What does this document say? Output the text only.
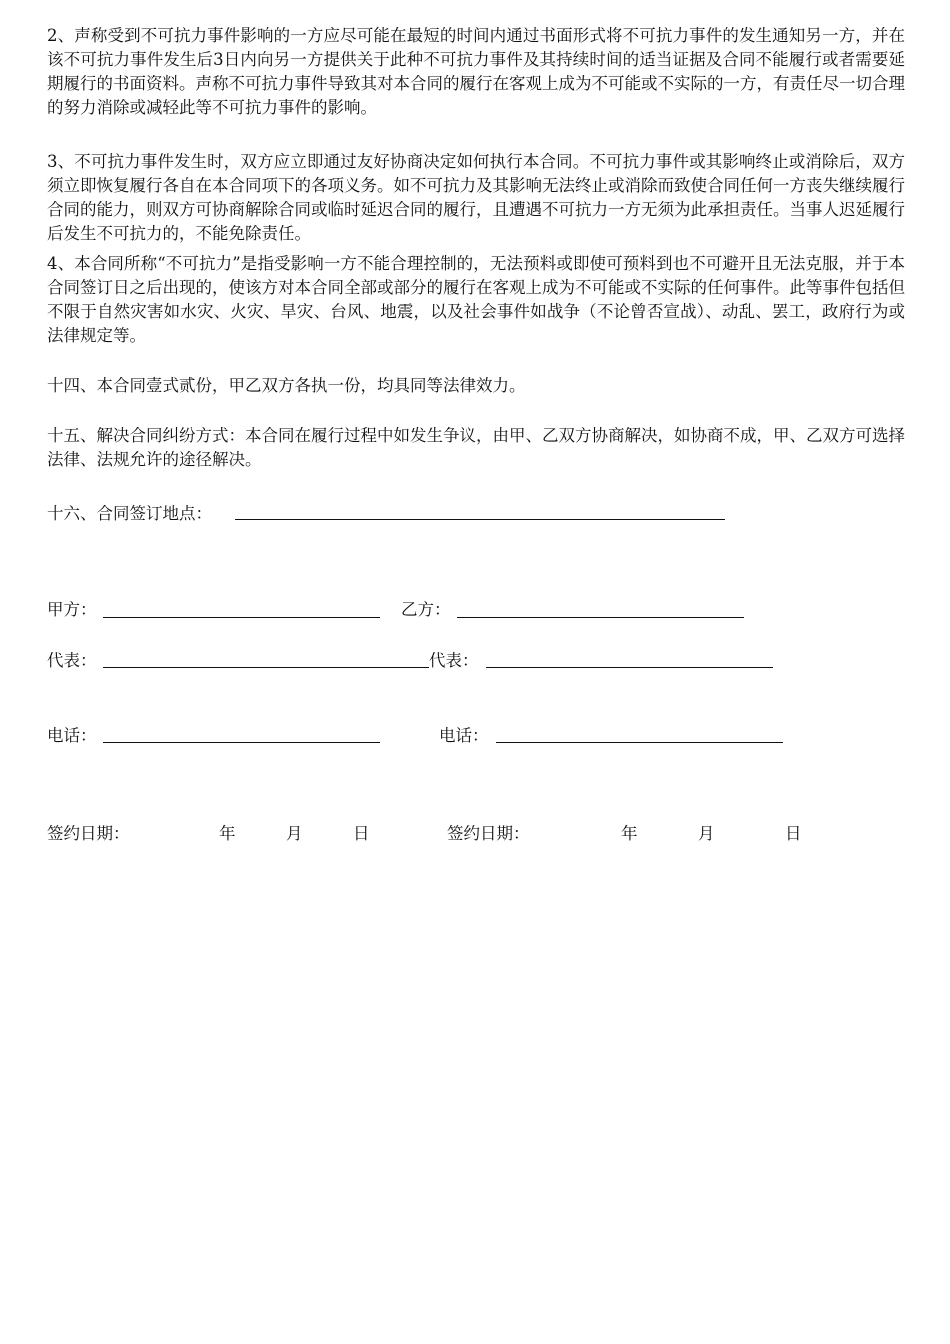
2、声称受到不可抗力事件影响的一方应尽可能在最短的时间内通过书面形式将不可抗力事件的发生通知另一方，并在该不可抗力事件发生后3日内向另一方提供关于此种不可抗力事件及其持续时间的适当证据及合同不能履行或者需要延期履行的书面资料。声称不可抗力事件导致其对本合同的履行在客观上成为不可能或不实际的一方，有责任尽一切合理的努力消除或减轻此等不可抗力事件的影响。

3、不可抗力事件发生时，双方应立即通过友好协商决定如何执行本合同。不可抗力事件或其影响终止或消除后，双方须立即恢复履行各自在本合同项下的各项义务。如不可抗力及其影响无法终止或消除而致使合同任何一方丧失继续履行合同的能力，则双方可协商解除合同或临时延迟合同的履行，且遭遇不可抗力一方无须为此承担责任。当事人迟延履行后发生不可抗力的，不能免除责任。

4、本合同所称“不可抗力”是指受影响一方不能合理控制的，无法预料或即使可预料到也不可避开且无法克服，并于本合同签订日之后出现的，使该方对本合同全部或部分的履行在客观上成为不可能或不实际的任何事件。此等事件包括但不限于自然灾害如水灾、火灾、旱灾、台风、地震，以及社会事件如战争（不论曾否宣战）、动乱、罢工，政府行为或法律规定等。

十四、本合同壹式贰份，甲乙双方各执一份，均具同等法律效力。

十五、解决合同纠纷方式：本合同在履行过程中如发生争议，由甲、乙双方协商解决，如协商不成，甲、乙双方可选择法律、法规允许的途径解决。

十六、合同签订地点：
甲方：	乙方：
代表：	代表：
电话：	电话：
签约日期：	年	月	日	签约日期：	年	月	日
